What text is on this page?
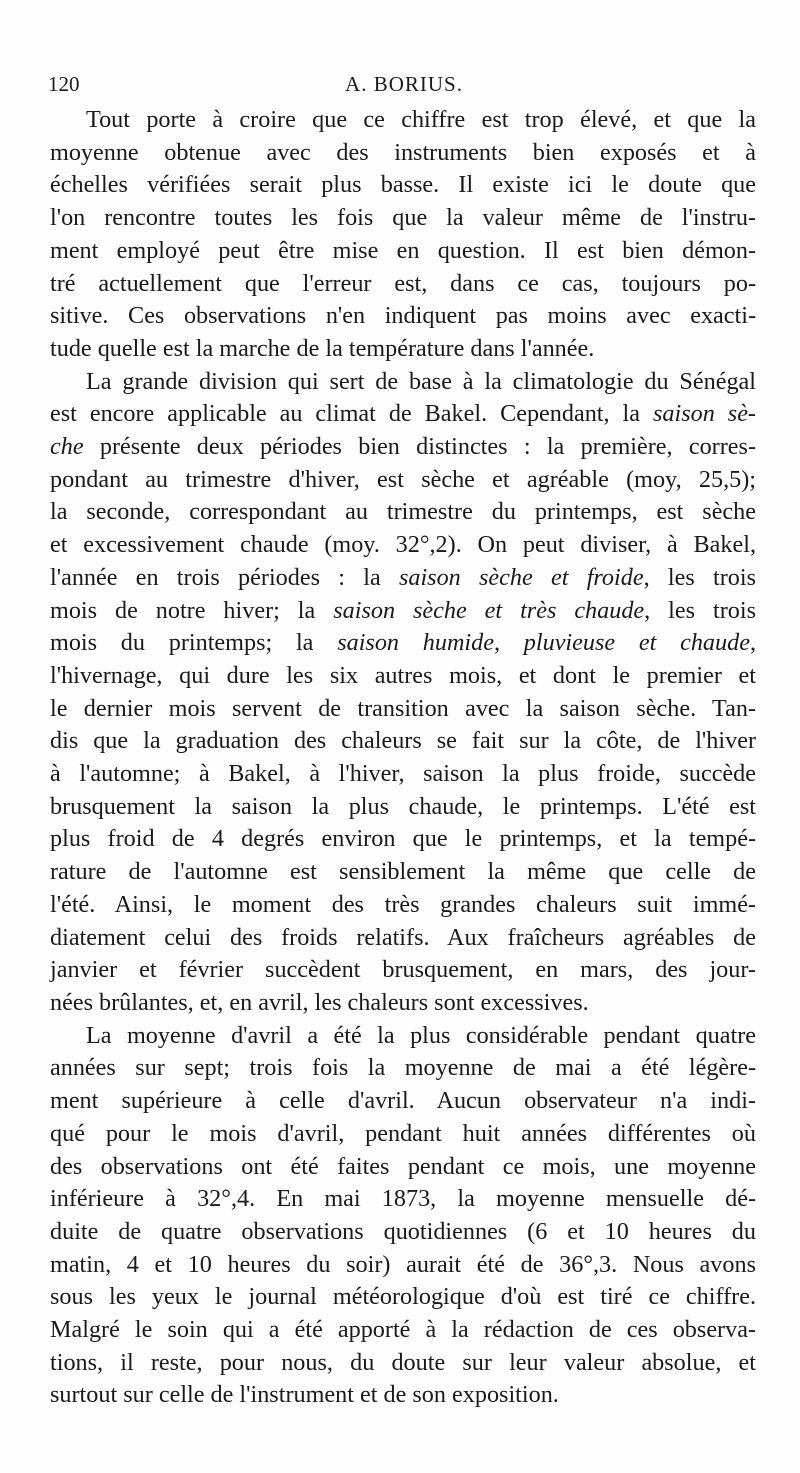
120	A. BORIUS.

Tout porte à croire que ce chiffre est trop élevé, et que la
moyenne obtenue avec des instruments bien exposés et à
échelles vérifiées serait plus basse. Il existe ici le doute que
l'on rencontre toutes les fois que la valeur même de l'instru-
ment employé peut être mise en question. Il est bien démon-
tré actuellement que l'erreur est, dans ce cas, toujours po-
sitive. Ces observations n'en indiquent pas moins avec exacti-
tude quelle est la marche de la température dans l'année.

La grande division qui sert de base à la climatologie du Sénégal
est encore applicable au climat de Bakel. Cependant, la saison sè-
che présente deux périodes bien distinctes : la première, corres-
pondant au trimestre d'hiver, est sèche et agréable (moy, 25,5);
la seconde, correspondant au trimestre du printemps, est sèche
et excessivement chaude (moy. 32°,2). On peut diviser, à Bakel,
l'année en trois périodes : la saison sèche et froide, les trois
mois de notre hiver; la saison sèche et très chaude, les trois
mois du printemps; la saison humide, pluvieuse et chaude,
l'hivernage, qui dure les six autres mois, et dont le premier et
le dernier mois servent de transition avec la saison sèche. Tan-
dis que la graduation des chaleurs se fait sur la côte, de l'hiver
à l'automne; à Bakel, à l'hiver, saison la plus froide, succède
brusquement la saison la plus chaude, le printemps. L'été est
plus froid de 4 degrés environ que le printemps, et la tempé-
rature de l'automne est sensiblement la même que celle de
l'été. Ainsi, le moment des très grandes chaleurs suit immé-
diatement celui des froids relatifs. Aux fraîcheurs agréables de
janvier et février succèdent brusquement, en mars, des jour-
nées brûlantes, et, en avril, les chaleurs sont excessives.

La moyenne d'avril a été la plus considérable pendant quatre
années sur sept; trois fois la moyenne de mai a été légère-
ment supérieure à celle d'avril. Aucun observateur n'a indi-
qué pour le mois d'avril, pendant huit années différentes où
des observations ont été faites pendant ce mois, une moyenne
inférieure à 32°,4. En mai 1873, la moyenne mensuelle dé-
duite de quatre observations quotidiennes (6 et 10 heures du
matin, 4 et 10 heures du soir) aurait été de 36°,3. Nous avons
sous les yeux le journal météorologique d'où est tiré ce chiffre.
Malgré le soin qui a été apporté à la rédaction de ces observa-
tions, il reste, pour nous, du doute sur leur valeur absolue, et
surtout sur celle de l'instrument et de son exposition.
